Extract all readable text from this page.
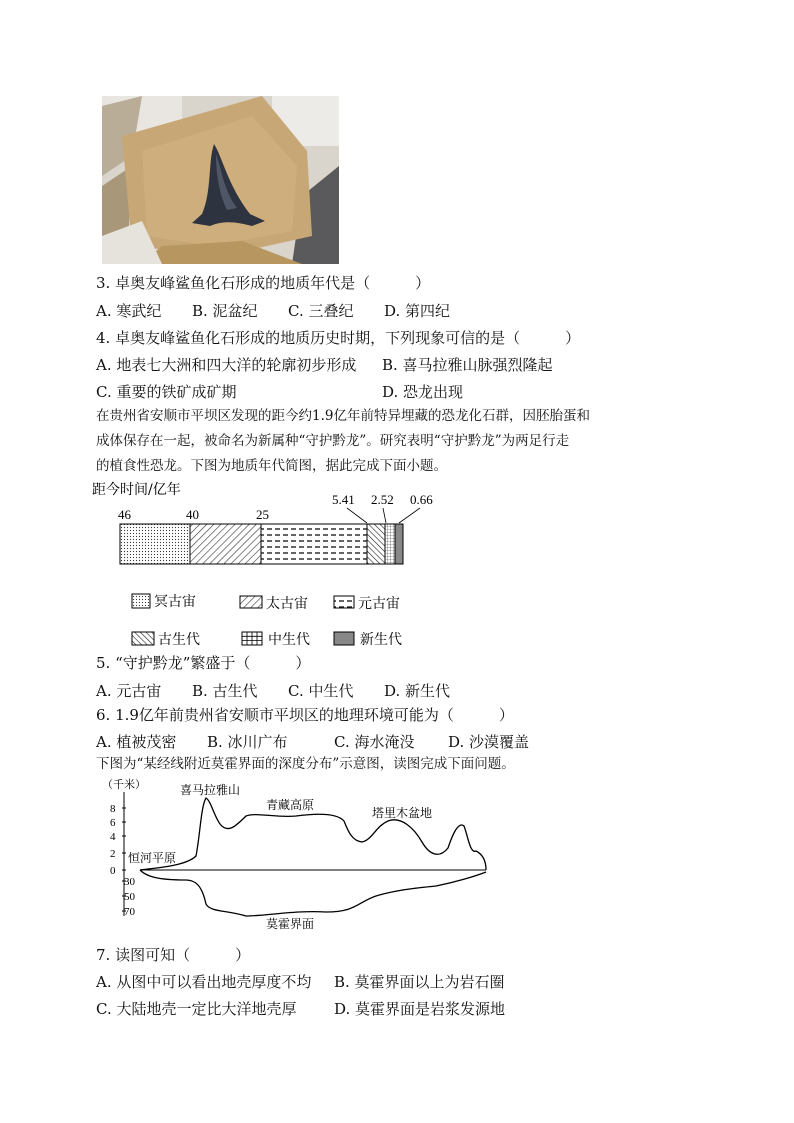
3. 卓奥友峰鲨鱼化石形成的地质年代是（　　　）
A. 寒武纪 B. 泥盆纪 C. 三叠纪 D. 第四纪
4. 卓奥友峰鲨鱼化石形成的地质历史时期，下列现象可信的是（　　　）
A. 地表七大洲和四大洋的轮廓初步形成 B. 喜马拉雅山脉强烈隆起
C. 重要的铁矿成矿期	D. 恐龙出现
在贵州省安顺市平坝区发现的距今约1.9亿年前特异埋藏的恐龙化石群，因胚胎蛋和
成体保存在一起，被命名为新属种“守护黔龙”。研究表明“守护黔龙”为两足行走
的植食性恐龙。下图为地质年代简图，据此完成下面小题。
距今时间/亿年
46	40	25
5.41 2.52 0.66
冥古宙	太古宙	元古宙
古生代	中生代	新生代
5. “守护黔龙”繁盛于（　　　）
A. 元古宙 B. 古生代 C. 中生代 D. 新生代
6. 1.9亿年前贵州省安顺市平坝区的地理环境可能为（　　　）
A. 植被茂密 B. 冰川广布	C. 海水淹没 D. 沙漠覆盖
下图为“某经线附近莫霍界面的深度分布”示意图，读图完成下面问题。
（千米）
8
6
4
2
0
30
50
70
喜马拉雅山
青藏高原
塔里木盆地
恒河平原
莫霍界面
7. 读图可知（　　　）
A. 从图中可以看出地壳厚度不均 B. 莫霍界面以上为岩石圈
C. 大陆地壳一定比大洋地壳厚	D. 莫霍界面是岩浆发源地
